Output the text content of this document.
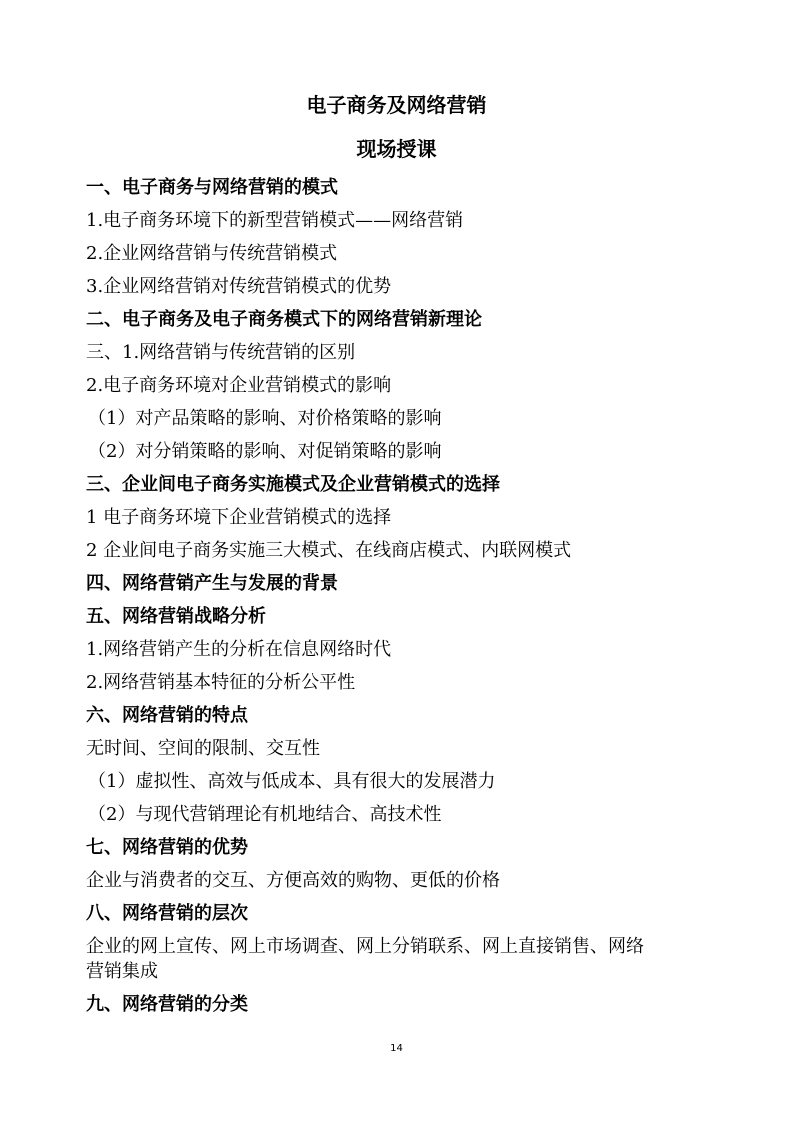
电子商务及网络营销
现场授课
一、电子商务与网络营销的模式
1.电子商务环境下的新型营销模式——网络营销
2.企业网络营销与传统营销模式
3.企业网络营销对传统营销模式的优势
二、电子商务及电子商务模式下的网络营销新理论
三、1.网络营销与传统营销的区别
2.电子商务环境对企业营销模式的影响
（1）对产品策略的影响、对价格策略的影响
（2）对分销策略的影响、对促销策略的影响
三、企业间电子商务实施模式及企业营销模式的选择
1 电子商务环境下企业营销模式的选择
2 企业间电子商务实施三大模式、在线商店模式、内联网模式
四、网络营销产生与发展的背景
五、网络营销战略分析
1.网络营销产生的分析在信息网络时代
2.网络营销基本特征的分析公平性
六、网络营销的特点
无时间、空间的限制、交互性
（1）虚拟性、高效与低成本、具有很大的发展潜力
（2）与现代营销理论有机地结合、高技术性
七、网络营销的优势
企业与消费者的交互、方便高效的购物、更低的价格
八、网络营销的层次
企业的网上宣传、网上市场调查、网上分销联系、网上直接销售、网络
营销集成
九、网络营销的分类
14
